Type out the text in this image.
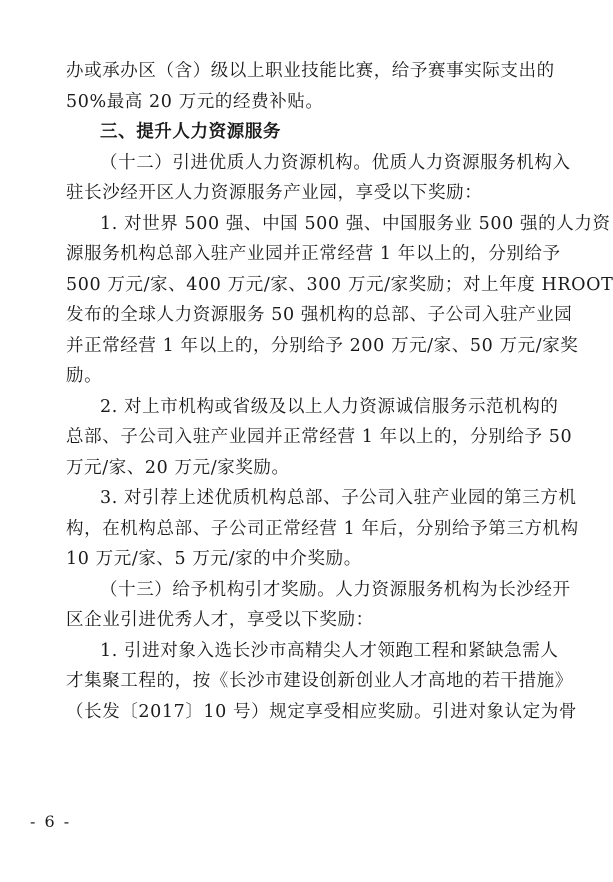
办或承办区（含）级以上职业技能比赛，给予赛事实际支出的
50%最高 20 万元的经费补贴。
三、提升人力资源服务
（十二）引进优质人力资源机构。优质人力资源服务机构入
驻长沙经开区人力资源服务产业园，享受以下奖励：
1. 对世界 500 强、中国 500 强、中国服务业 500 强的人力资
源服务机构总部入驻产业园并正常经营 1 年以上的，分别给予
500 万元/家、400 万元/家、300 万元/家奖励；对上年度 HROOT
发布的全球人力资源服务 50 强机构的总部、子公司入驻产业园
并正常经营 1 年以上的，分别给予 200 万元/家、50 万元/家奖
励。
2. 对上市机构或省级及以上人力资源诚信服务示范机构的
总部、子公司入驻产业园并正常经营 1 年以上的，分别给予 50
万元/家、20 万元/家奖励。
3. 对引荐上述优质机构总部、子公司入驻产业园的第三方机
构，在机构总部、子公司正常经营 1 年后，分别给予第三方机构
10 万元/家、5 万元/家的中介奖励。
（十三）给予机构引才奖励。人力资源服务机构为长沙经开
区企业引进优秀人才，享受以下奖励：
1. 引进对象入选长沙市高精尖人才领跑工程和紧缺急需人
才集聚工程的，按《长沙市建设创新创业人才高地的若干措施》
（长发〔2017〕10 号）规定享受相应奖励。引进对象认定为骨
- 6 -
